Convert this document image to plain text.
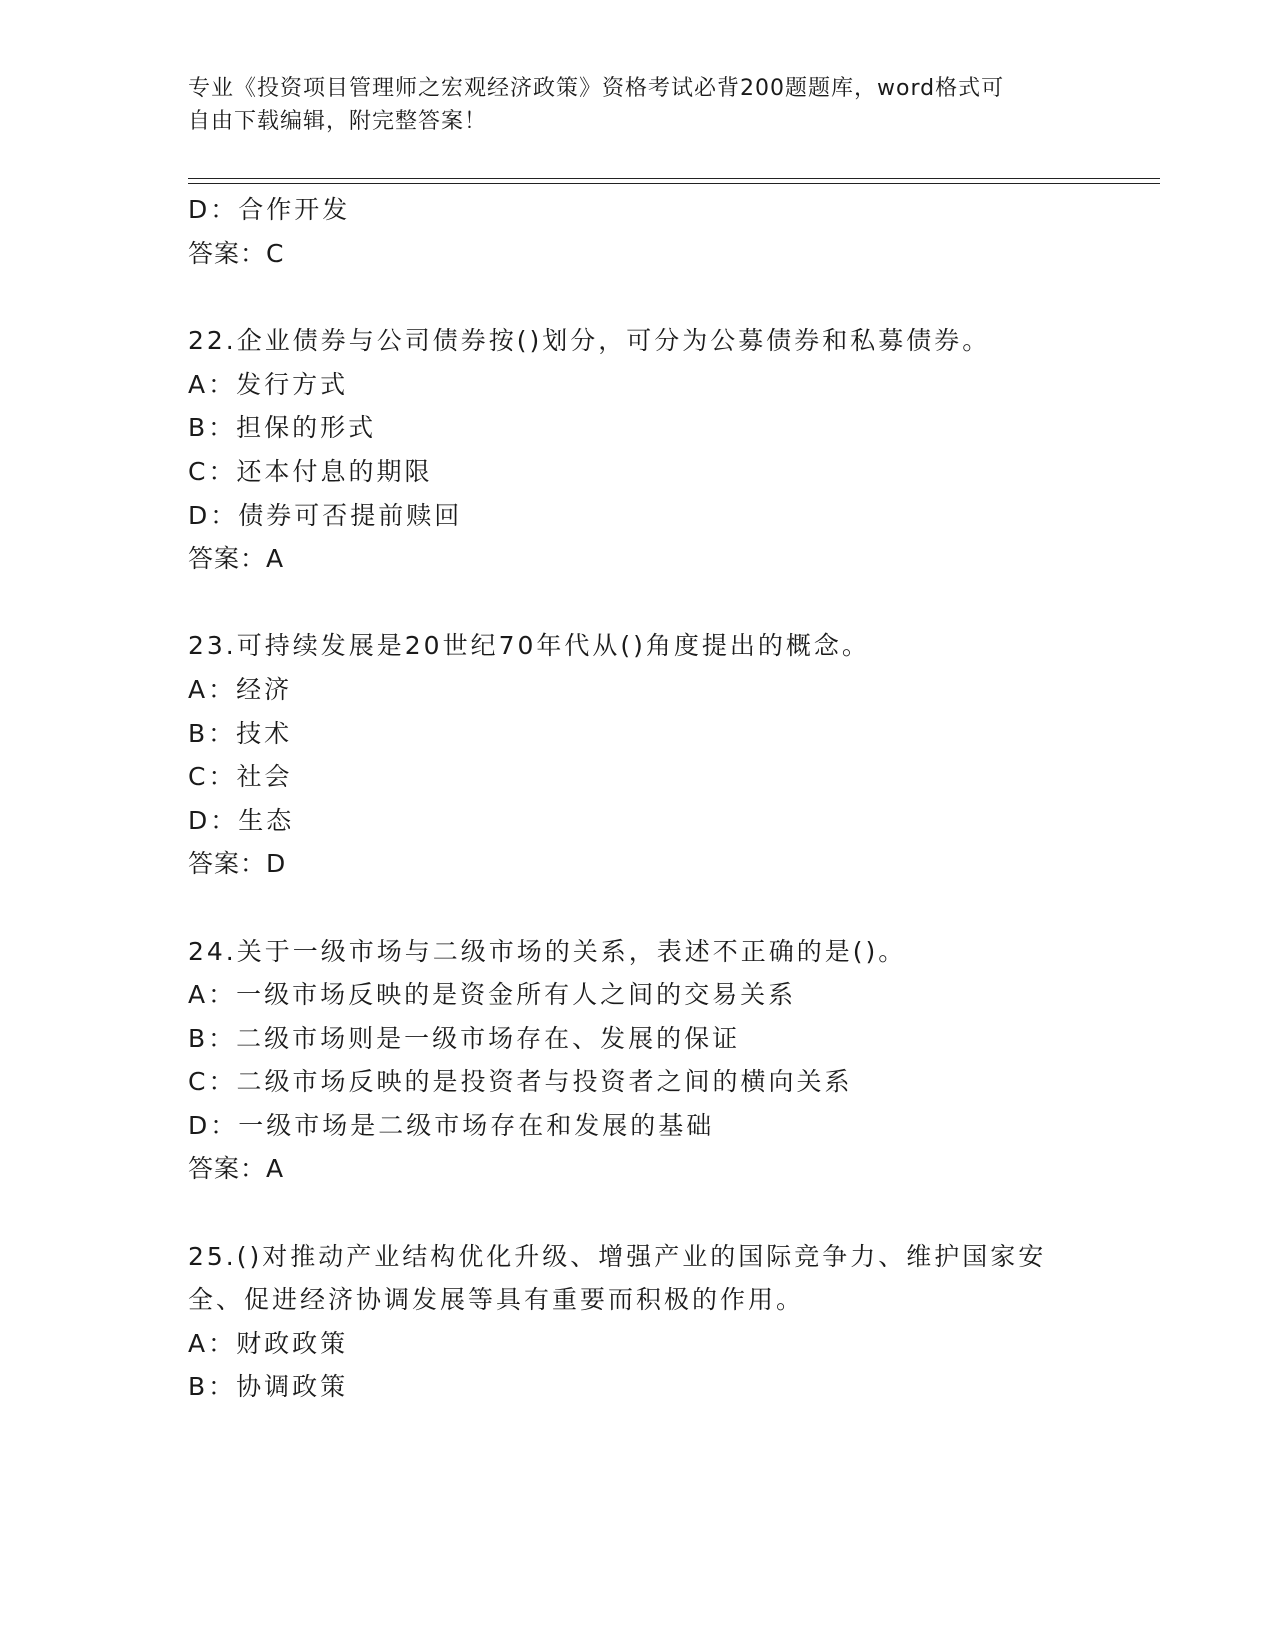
专业《投资项目管理师之宏观经济政策》资格考试必背200题题库，word格式可
自由下载编辑，附完整答案！
D：合作开发
答案：C
22.企业债券与公司债券按()划分，可分为公募债券和私募债券。
A：发行方式
B：担保的形式
C：还本付息的期限
D：债券可否提前赎回
答案：A
23.可持续发展是20世纪70年代从()角度提出的概念。
A：经济
B：技术
C：社会
D：生态
答案：D
24.关于一级市场与二级市场的关系，表述不正确的是()。
A：一级市场反映的是资金所有人之间的交易关系
B：二级市场则是一级市场存在、发展的保证
C：二级市场反映的是投资者与投资者之间的横向关系
D：一级市场是二级市场存在和发展的基础
答案：A
25.()对推动产业结构优化升级、增强产业的国际竞争力、维护国家安
全、促进经济协调发展等具有重要而积极的作用。
A：财政政策
B：协调政策
